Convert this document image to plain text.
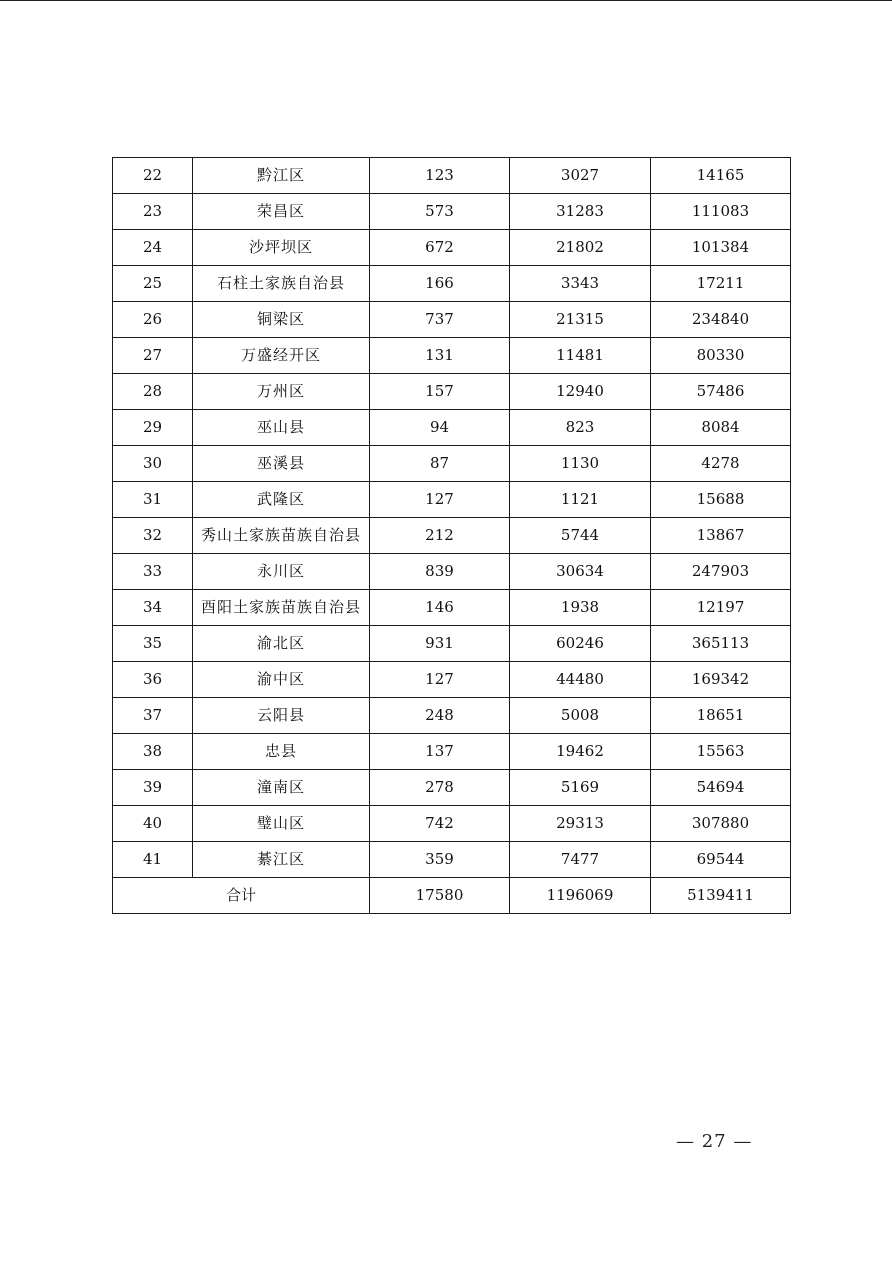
22	黔江区	123	3027	14165
23	荣昌区	573	31283	111083
24	沙坪坝区	672	21802	101384
25	石柱土家族自治县	166	3343	17211
26	铜梁区	737	21315	234840
27	万盛经开区	131	11481	80330
28	万州区	157	12940	57486
29	巫山县	94	823	8084
30	巫溪县	87	1130	4278
31	武隆区	127	1121	15688
32	秀山土家族苗族自治县	212	5744	13867
33	永川区	839	30634	247903
34	酉阳土家族苗族自治县	146	1938	12197
35	渝北区	931	60246	365113
36	渝中区	127	44480	169342
37	云阳县	248	5008	18651
38	忠县	137	19462	15563
39	潼南区	278	5169	54694
40	璧山区	742	29313	307880
41	綦江区	359	7477	69544
合计		17580	1196069	5139411
— 27 —
